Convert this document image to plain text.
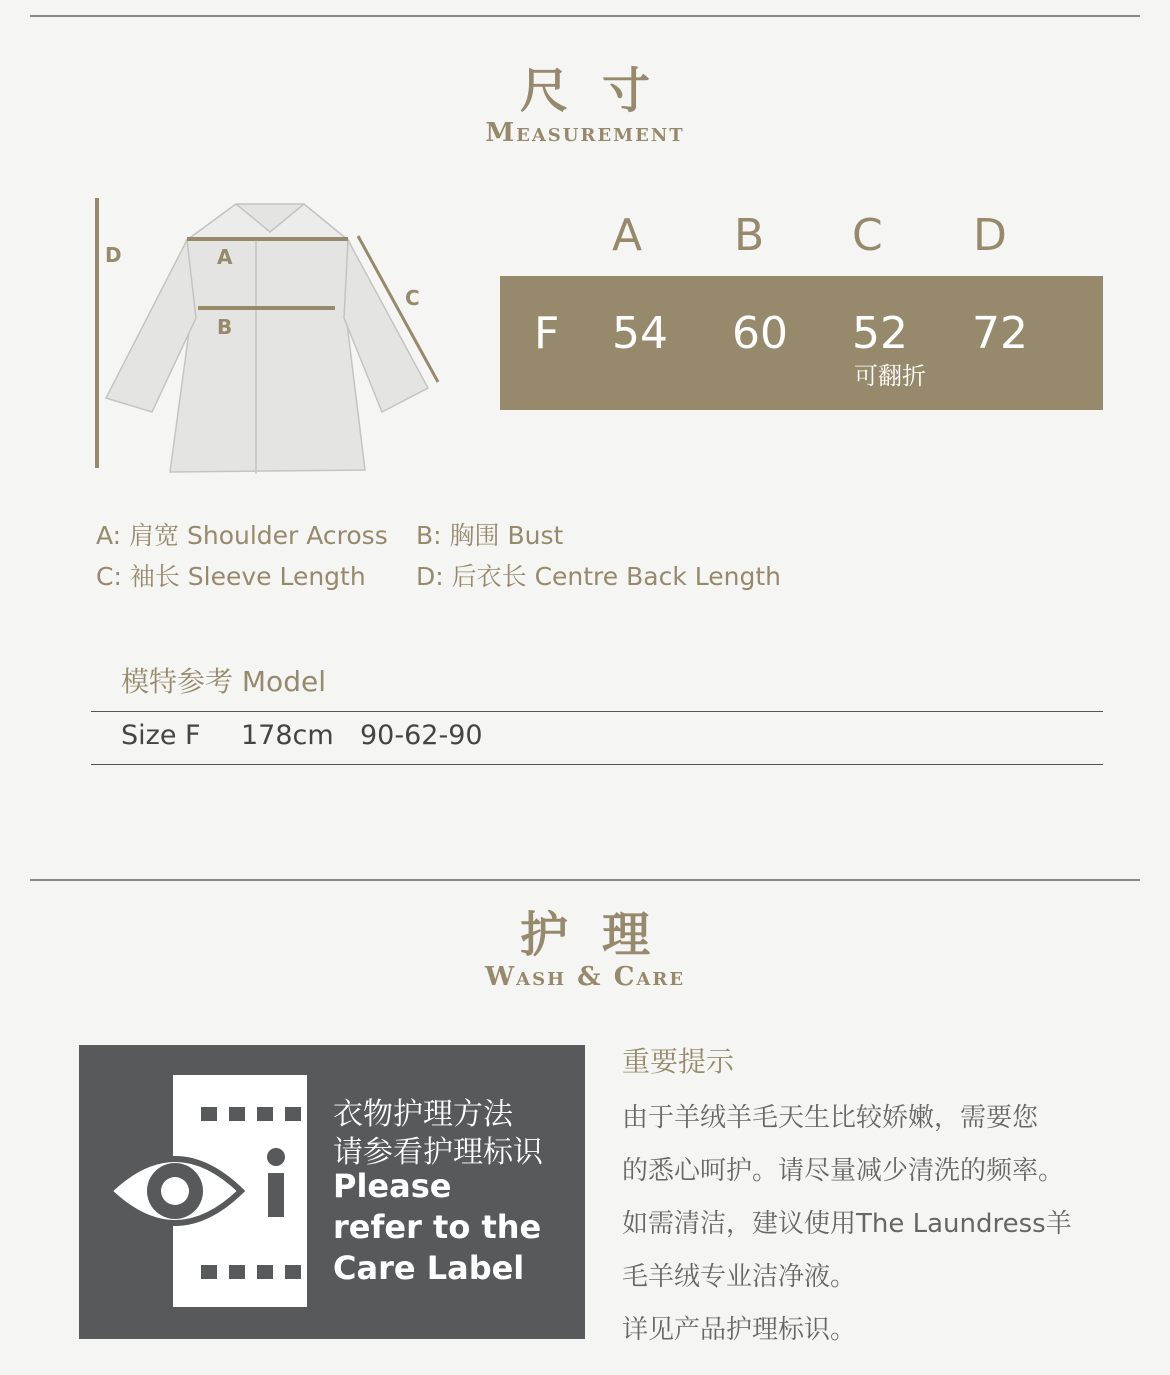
尺寸
Measurement
D	A
B
C
A B C D
F 54 60 52 72
可翻折
A: 肩宽 Shoulder Across B: 胸围 Bust
C: 袖长 Sleeve Length D: 后衣长 Centre Back Length
模特参考 Model
Size F 178cm 90-62-90
护理
Wash & Care
衣物护理方法
请参看护理标识
Please
refer to the
Care Label
重要提示
由于羊绒羊毛天生比较娇嫩，需要您
的悉心呵护。请尽量减少清洗的频率。
如需清洁，建议使用The Laundress羊
毛羊绒专业洁净液。
详见产品护理标识。
